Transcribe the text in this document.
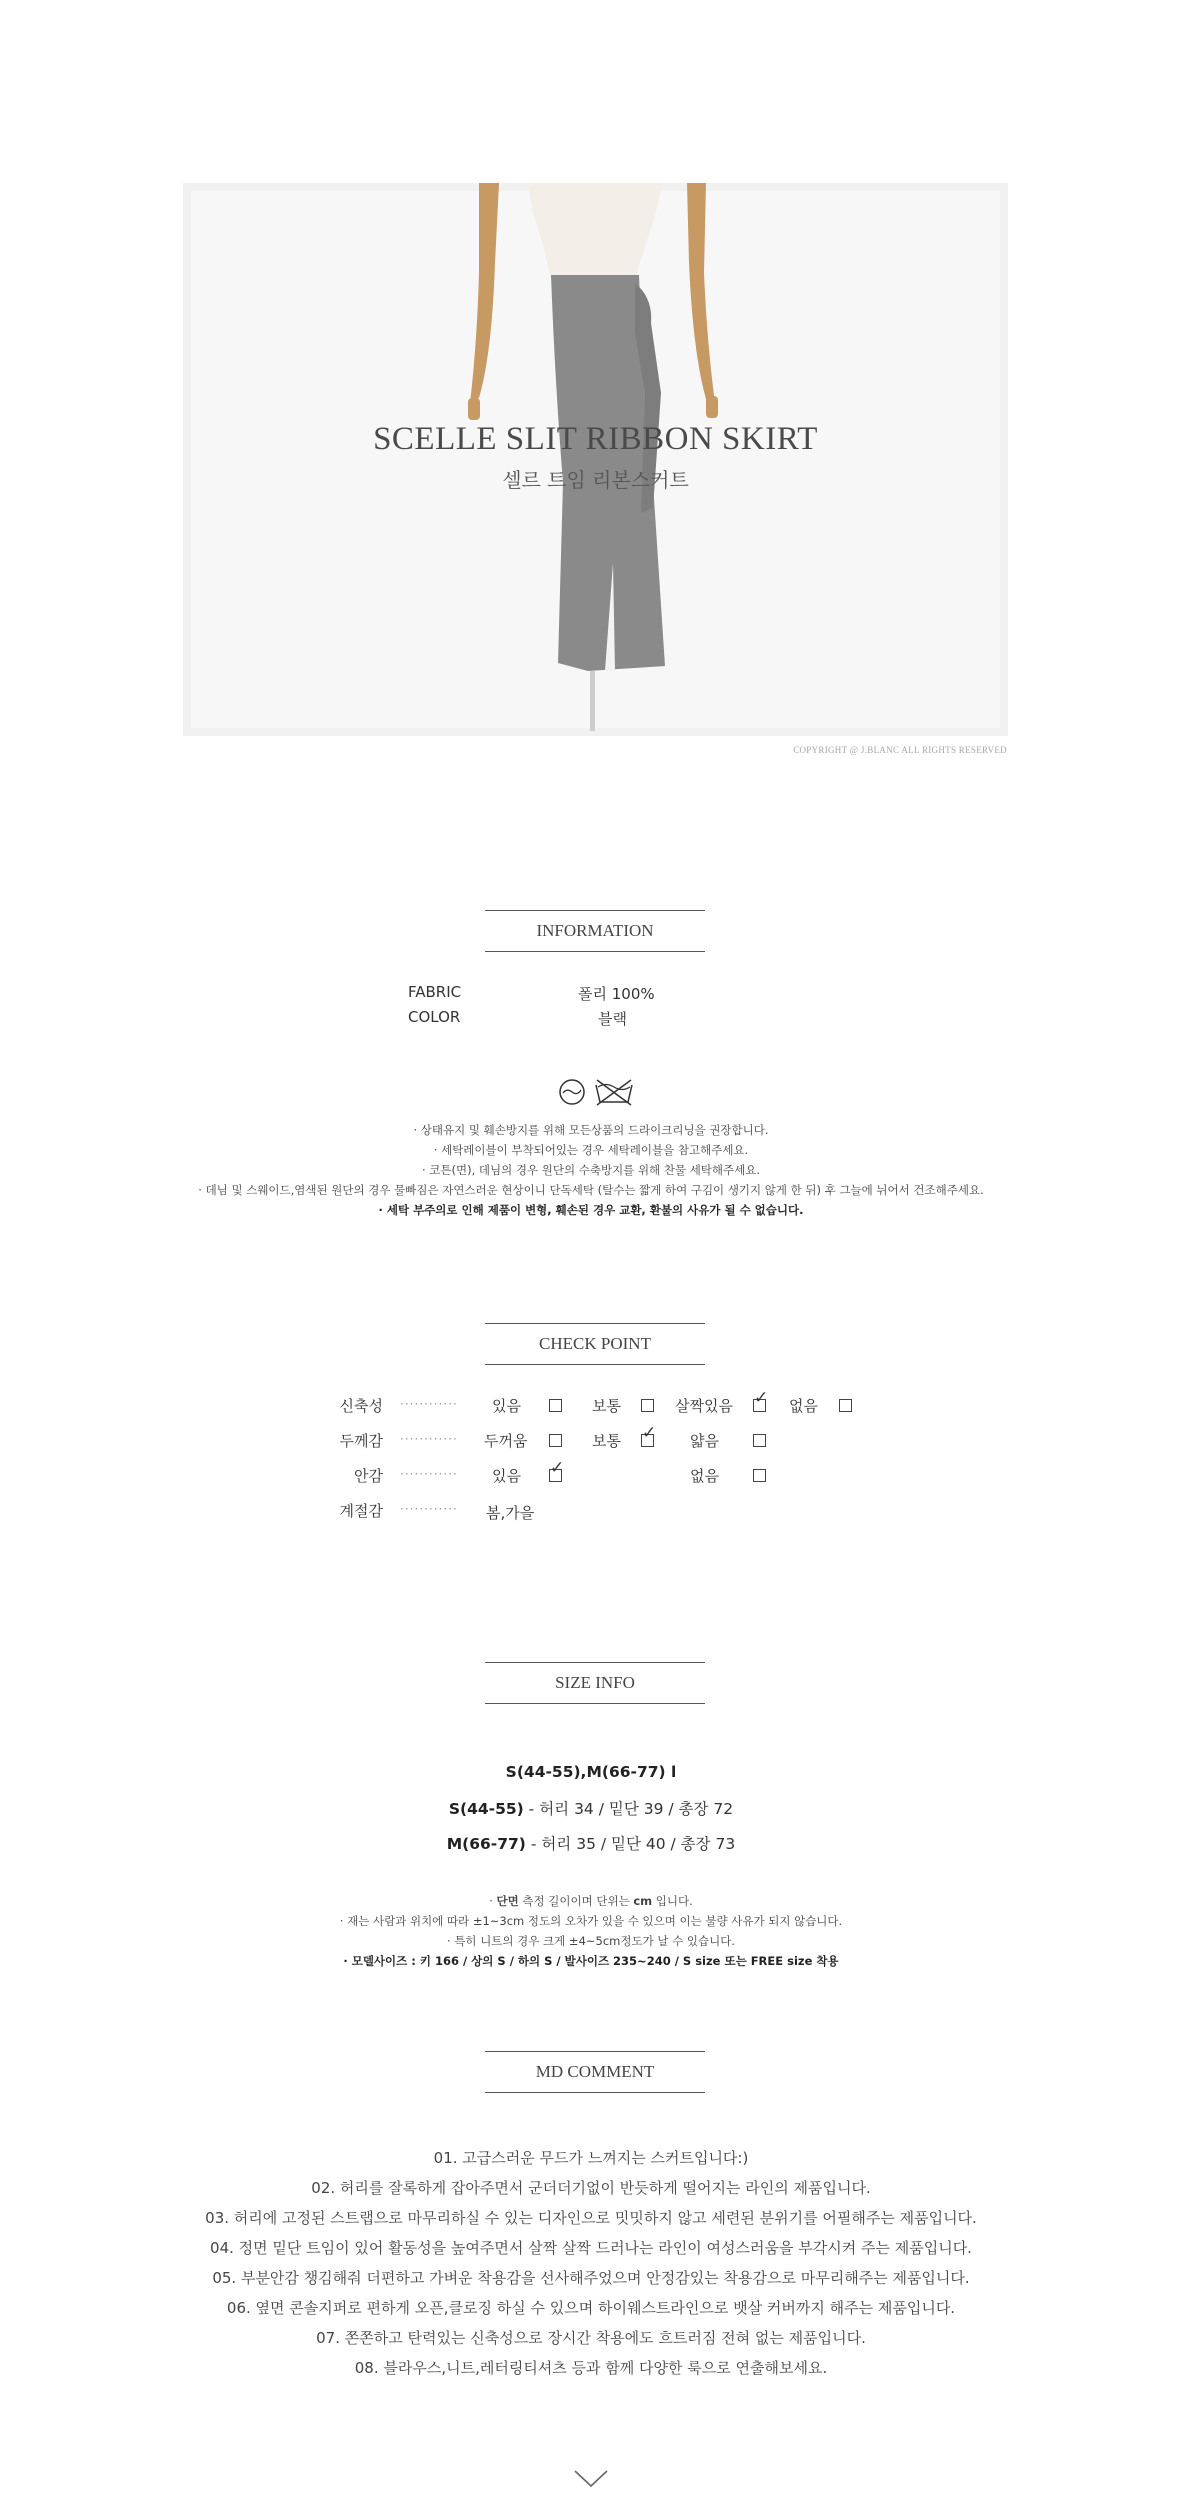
SCELLE SLIT RIBBON SKIRT
셀르 트임 리본스커트
COPYRIGHT @ J.BLANC ALL RIGHTS RESERVED
INFORMATION
FABRIC	폴리 100%
COLOR	블랙
· 상태유지 및 훼손방지를 위해 모든상품의 드라이크리닝을 권장합니다.
· 세탁레이블이 부착되어있는 경우 세탁레이블을 참고해주세요.
· 코튼(면), 데님의 경우 원단의 수축방지를 위해 찬물 세탁해주세요.
· 데님 및 스웨이드,염색된 원단의 경우 물빠짐은 자연스러운 현상이니 단독세탁 (탈수는 짧게 하여 구김이 생기지 않게 한 뒤) 후 그늘에 뉘어서 건조해주세요.
· 세탁 부주의로 인해 제품이 변형, 훼손된 경우 교환, 환불의 사유가 될 수 없습니다.
CHECK POINT
신축성 ············ 있음	보통	살짝있음 ✓ 없음
두께감 ············ 두꺼움	보통 ✓ 얇음
안감 ············ 있음 ✓	없음
계절감 ············ 봄,가을
SIZE INFO
S(44-55),M(66-77) l
S(44-55) - 허리 34 / 밑단 39 / 총장 72
M(66-77) - 허리 35 / 밑단 40 / 총장 73
· 단면 측정 길이이며 단위는 cm 입니다.
· 재는 사람과 위치에 따라 ±1~3cm 정도의 오차가 있을 수 있으며 이는 불량 사유가 되지 않습니다.
· 특히 니트의 경우 크게 ±4~5cm정도가 날 수 있습니다.
· 모델사이즈 : 키 166 / 상의 S / 하의 S / 발사이즈 235~240 / S size 또는 FREE size 착용
MD COMMENT
01. 고급스러운 무드가 느껴지는 스커트입니다:)
02. 허리를 잘록하게 잡아주면서 군더더기없이 반듯하게 떨어지는 라인의 제품입니다.
03. 허리에 고정된 스트랩으로 마무리하실 수 있는 디자인으로 밋밋하지 않고 세련된 분위기를 어필해주는 제품입니다.
04. 정면 밑단 트임이 있어 활동성을 높여주면서 살짝 살짝 드러나는 라인이 여성스러움을 부각시켜 주는 제품입니다.
05. 부분안감 챙김해줘 더편하고 가벼운 착용감을 선사해주었으며 안정감있는 착용감으로 마무리해주는 제품입니다.
06. 옆면 콘솔지퍼로 편하게 오픈,클로징 하실 수 있으며 하이웨스트라인으로 뱃살 커버까지 해주는 제품입니다.
07. 쫀쫀하고 탄력있는 신축성으로 장시간 착용에도 흐트러짐 전혀 없는 제품입니다.
08. 블라우스,니트,레터링티셔츠 등과 함께 다양한 룩으로 연출해보세요.
